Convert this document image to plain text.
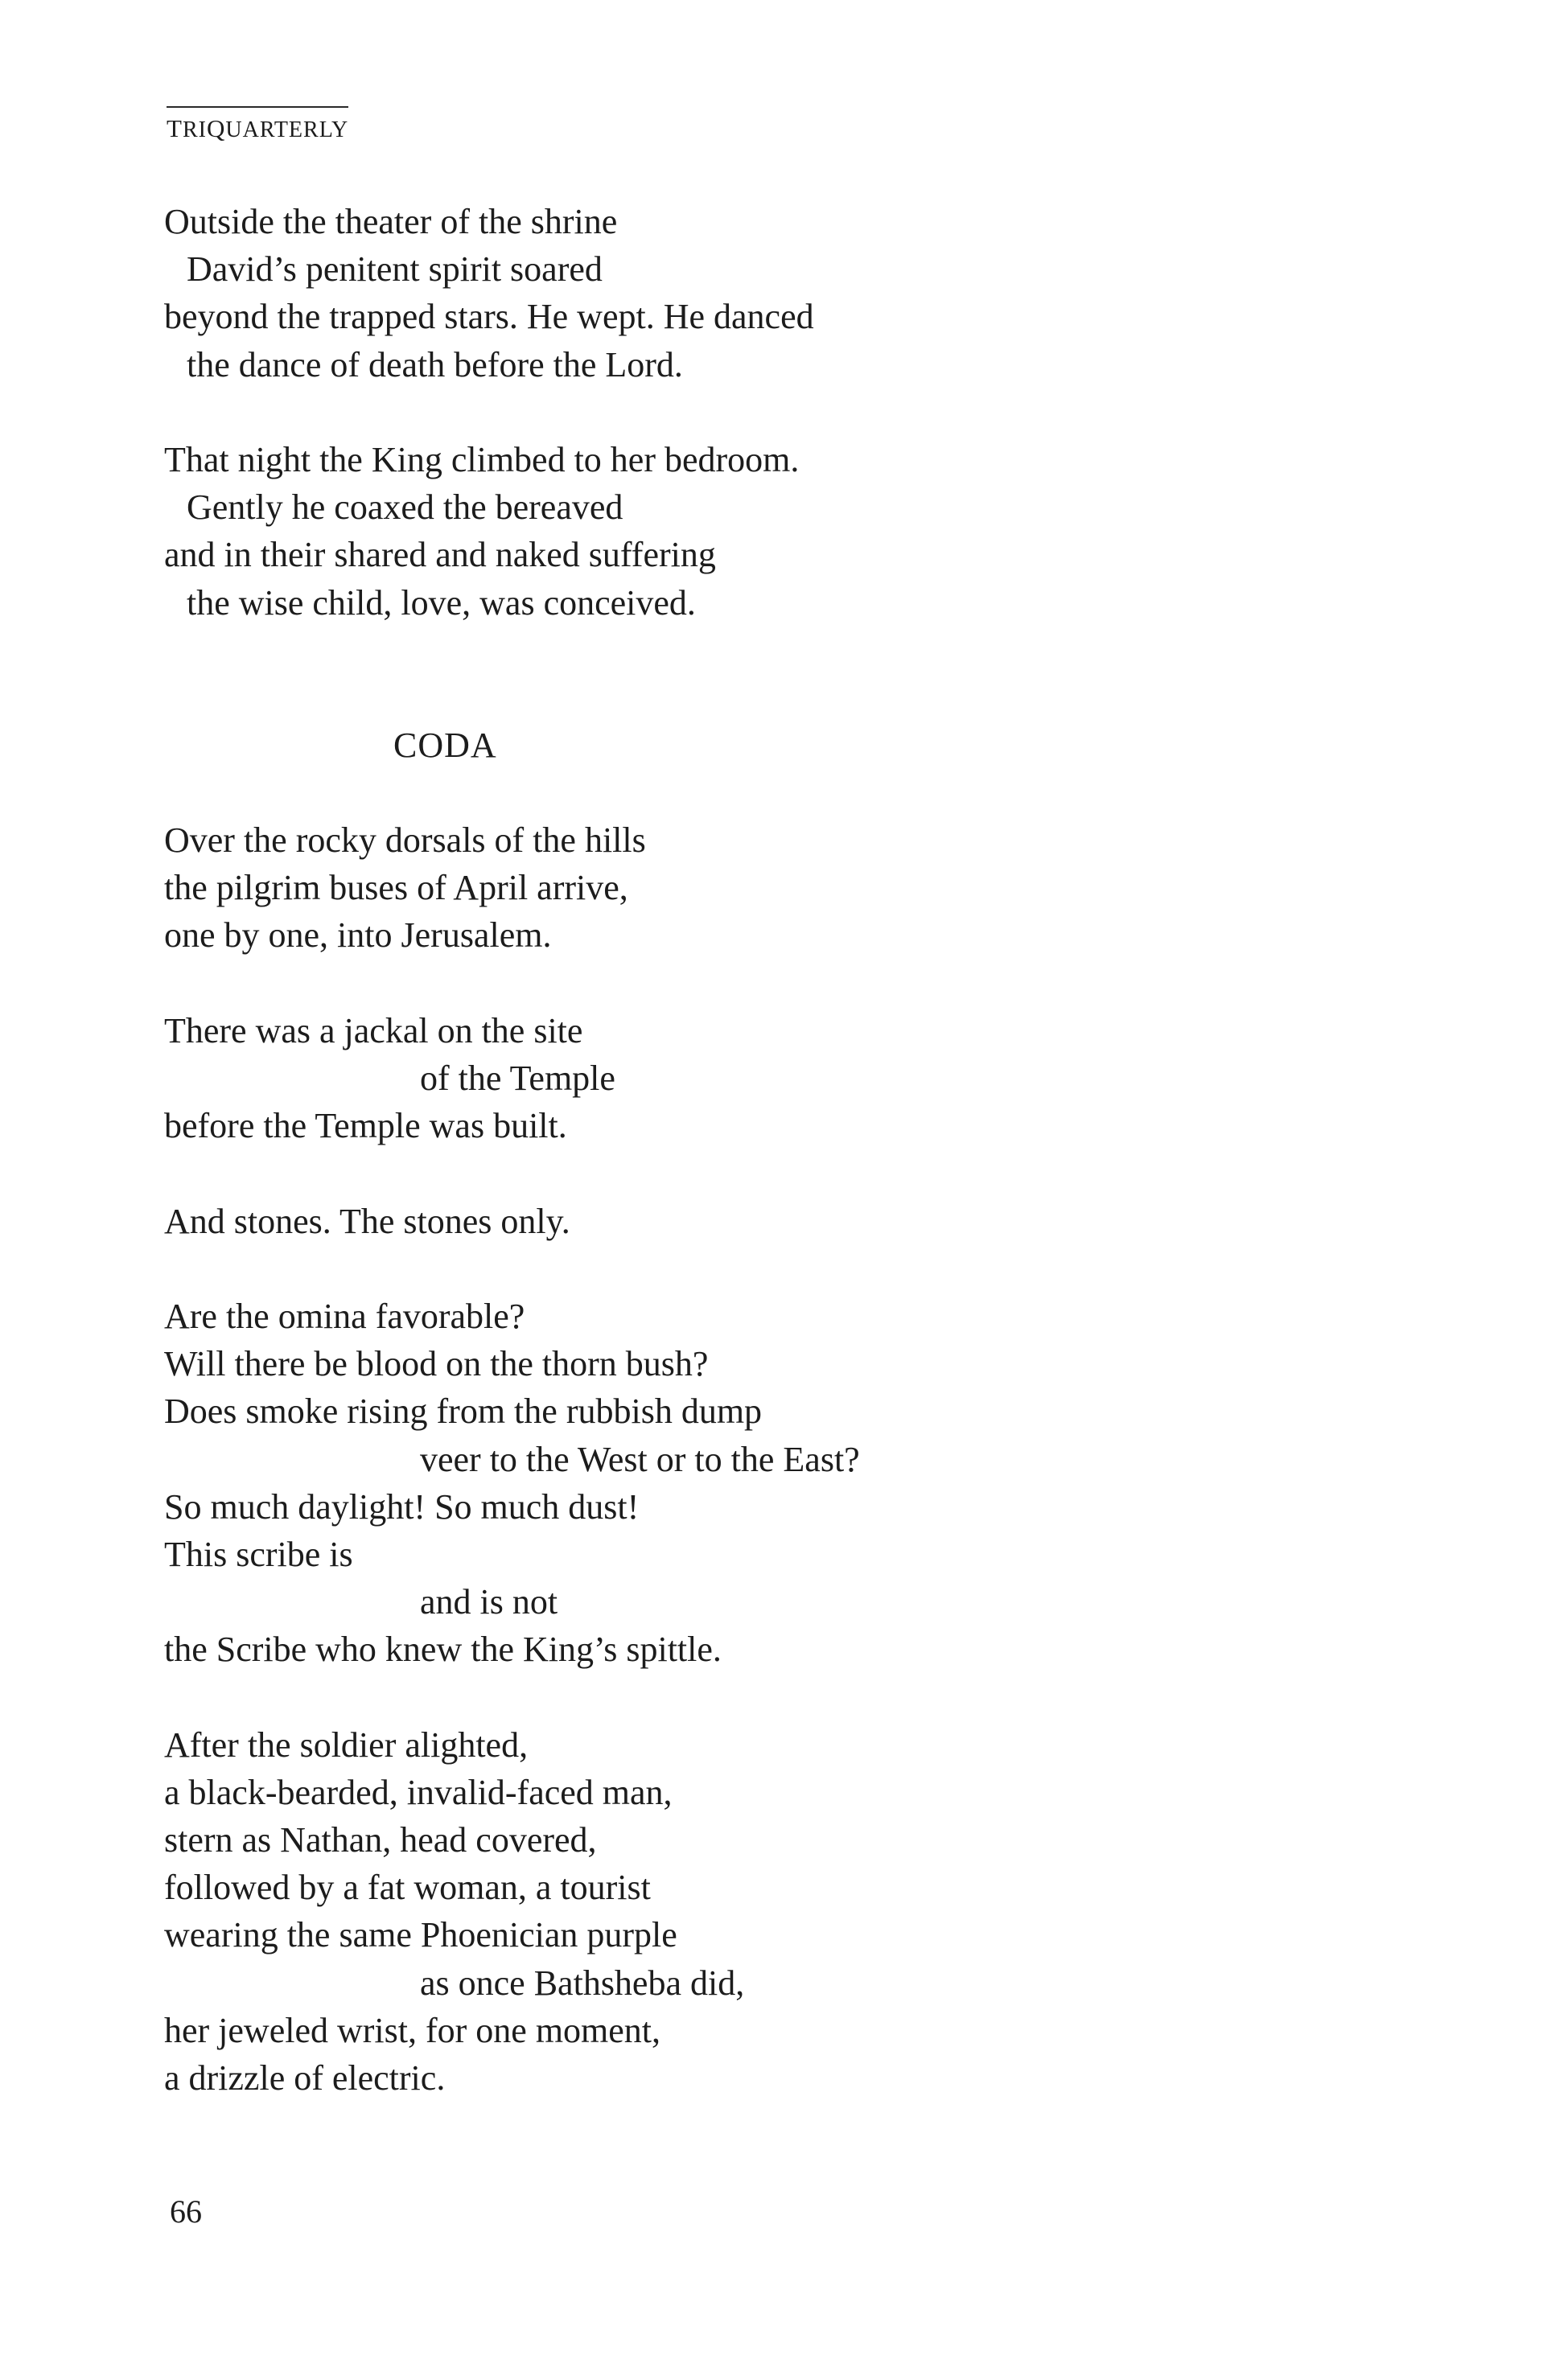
TRIQUARTERLY
Outside the theater of the shrine
David’s penitent spirit soared
beyond the trapped stars. He wept. He danced
the dance of death before the Lord.
That night the King climbed to her bedroom.
Gently he coaxed the bereaved
and in their shared and naked suffering
the wise child, love, was conceived.
CODA
Over the rocky dorsals of the hills
the pilgrim buses of April arrive,
one by one, into Jerusalem.
There was a jackal on the site
of the Temple
before the Temple was built.
And stones. The stones only.
Are the omina favorable?
Will there be blood on the thorn bush?
Does smoke rising from the rubbish dump
veer to the West or to the East?
So much daylight! So much dust!
This scribe is
and is not
the Scribe who knew the King’s spittle.
After the soldier alighted,
a black-bearded, invalid-faced man,
stern as Nathan, head covered,
followed by a fat woman, a tourist
wearing the same Phoenician purple
as once Bathsheba did,
her jeweled wrist, for one moment,
a drizzle of electric.
66
